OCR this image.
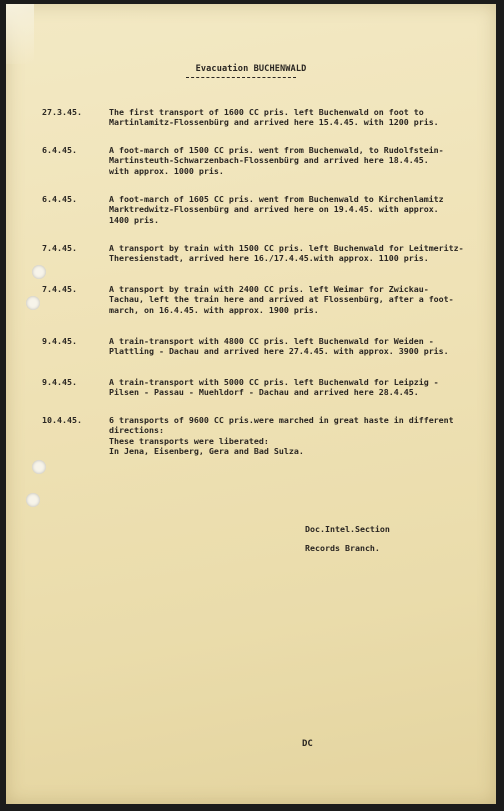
Evacuation BUCHENWALD
27.3.45.	The first transport of 1600 CC pris. left Buchenwald on foot to
Martinlamitz-Flossenbürg and arrived here 15.4.45. with 1200 pris.
6.4.45.	A foot-march of 1500 CC pris. went from Buchenwald, to Rudolfstein-
Martinsteuth-Schwarzenbach-Flossenbürg and arrived here 18.4.45.
with approx. 1000 pris.
6.4.45.	A foot-march of 1605 CC pris. went from Buchenwald to Kirchenlamitz
Marktredwitz-Flossenbürg and arrived here on 19.4.45. with approx.
1400 pris.
7.4.45.	A transport by train with 1500 CC pris. left Buchenwald for Leitmeritz-
Theresienstadt, arrived here 16./17.4.45.with approx. 1100 pris.
7.4.45.	A transport by train with 2400 CC pris. left Weimar for Zwickau-
Tachau, left the train here and arrived at Flossenbürg, after a foot-
march, on 16.4.45. with approx. 1900 pris.
9.4.45.	A train-transport with 4800 CC pris. left Buchenwald for Weiden -
Plattling - Dachau and arrived here 27.4.45. with approx. 3900 pris.
9.4.45.	A train-transport with 5000 CC pris. left Buchenwald for Leipzig -
Pilsen - Passau - Muehldorf - Dachau and arrived here 28.4.45.
10.4.45.	6 transports of 9600 CC pris.were marched in great haste in different
directions:
These transports were liberated:
In Jena, Eisenberg, Gera and Bad Sulza.
Doc.Intel.Section
Records Branch.
DC
